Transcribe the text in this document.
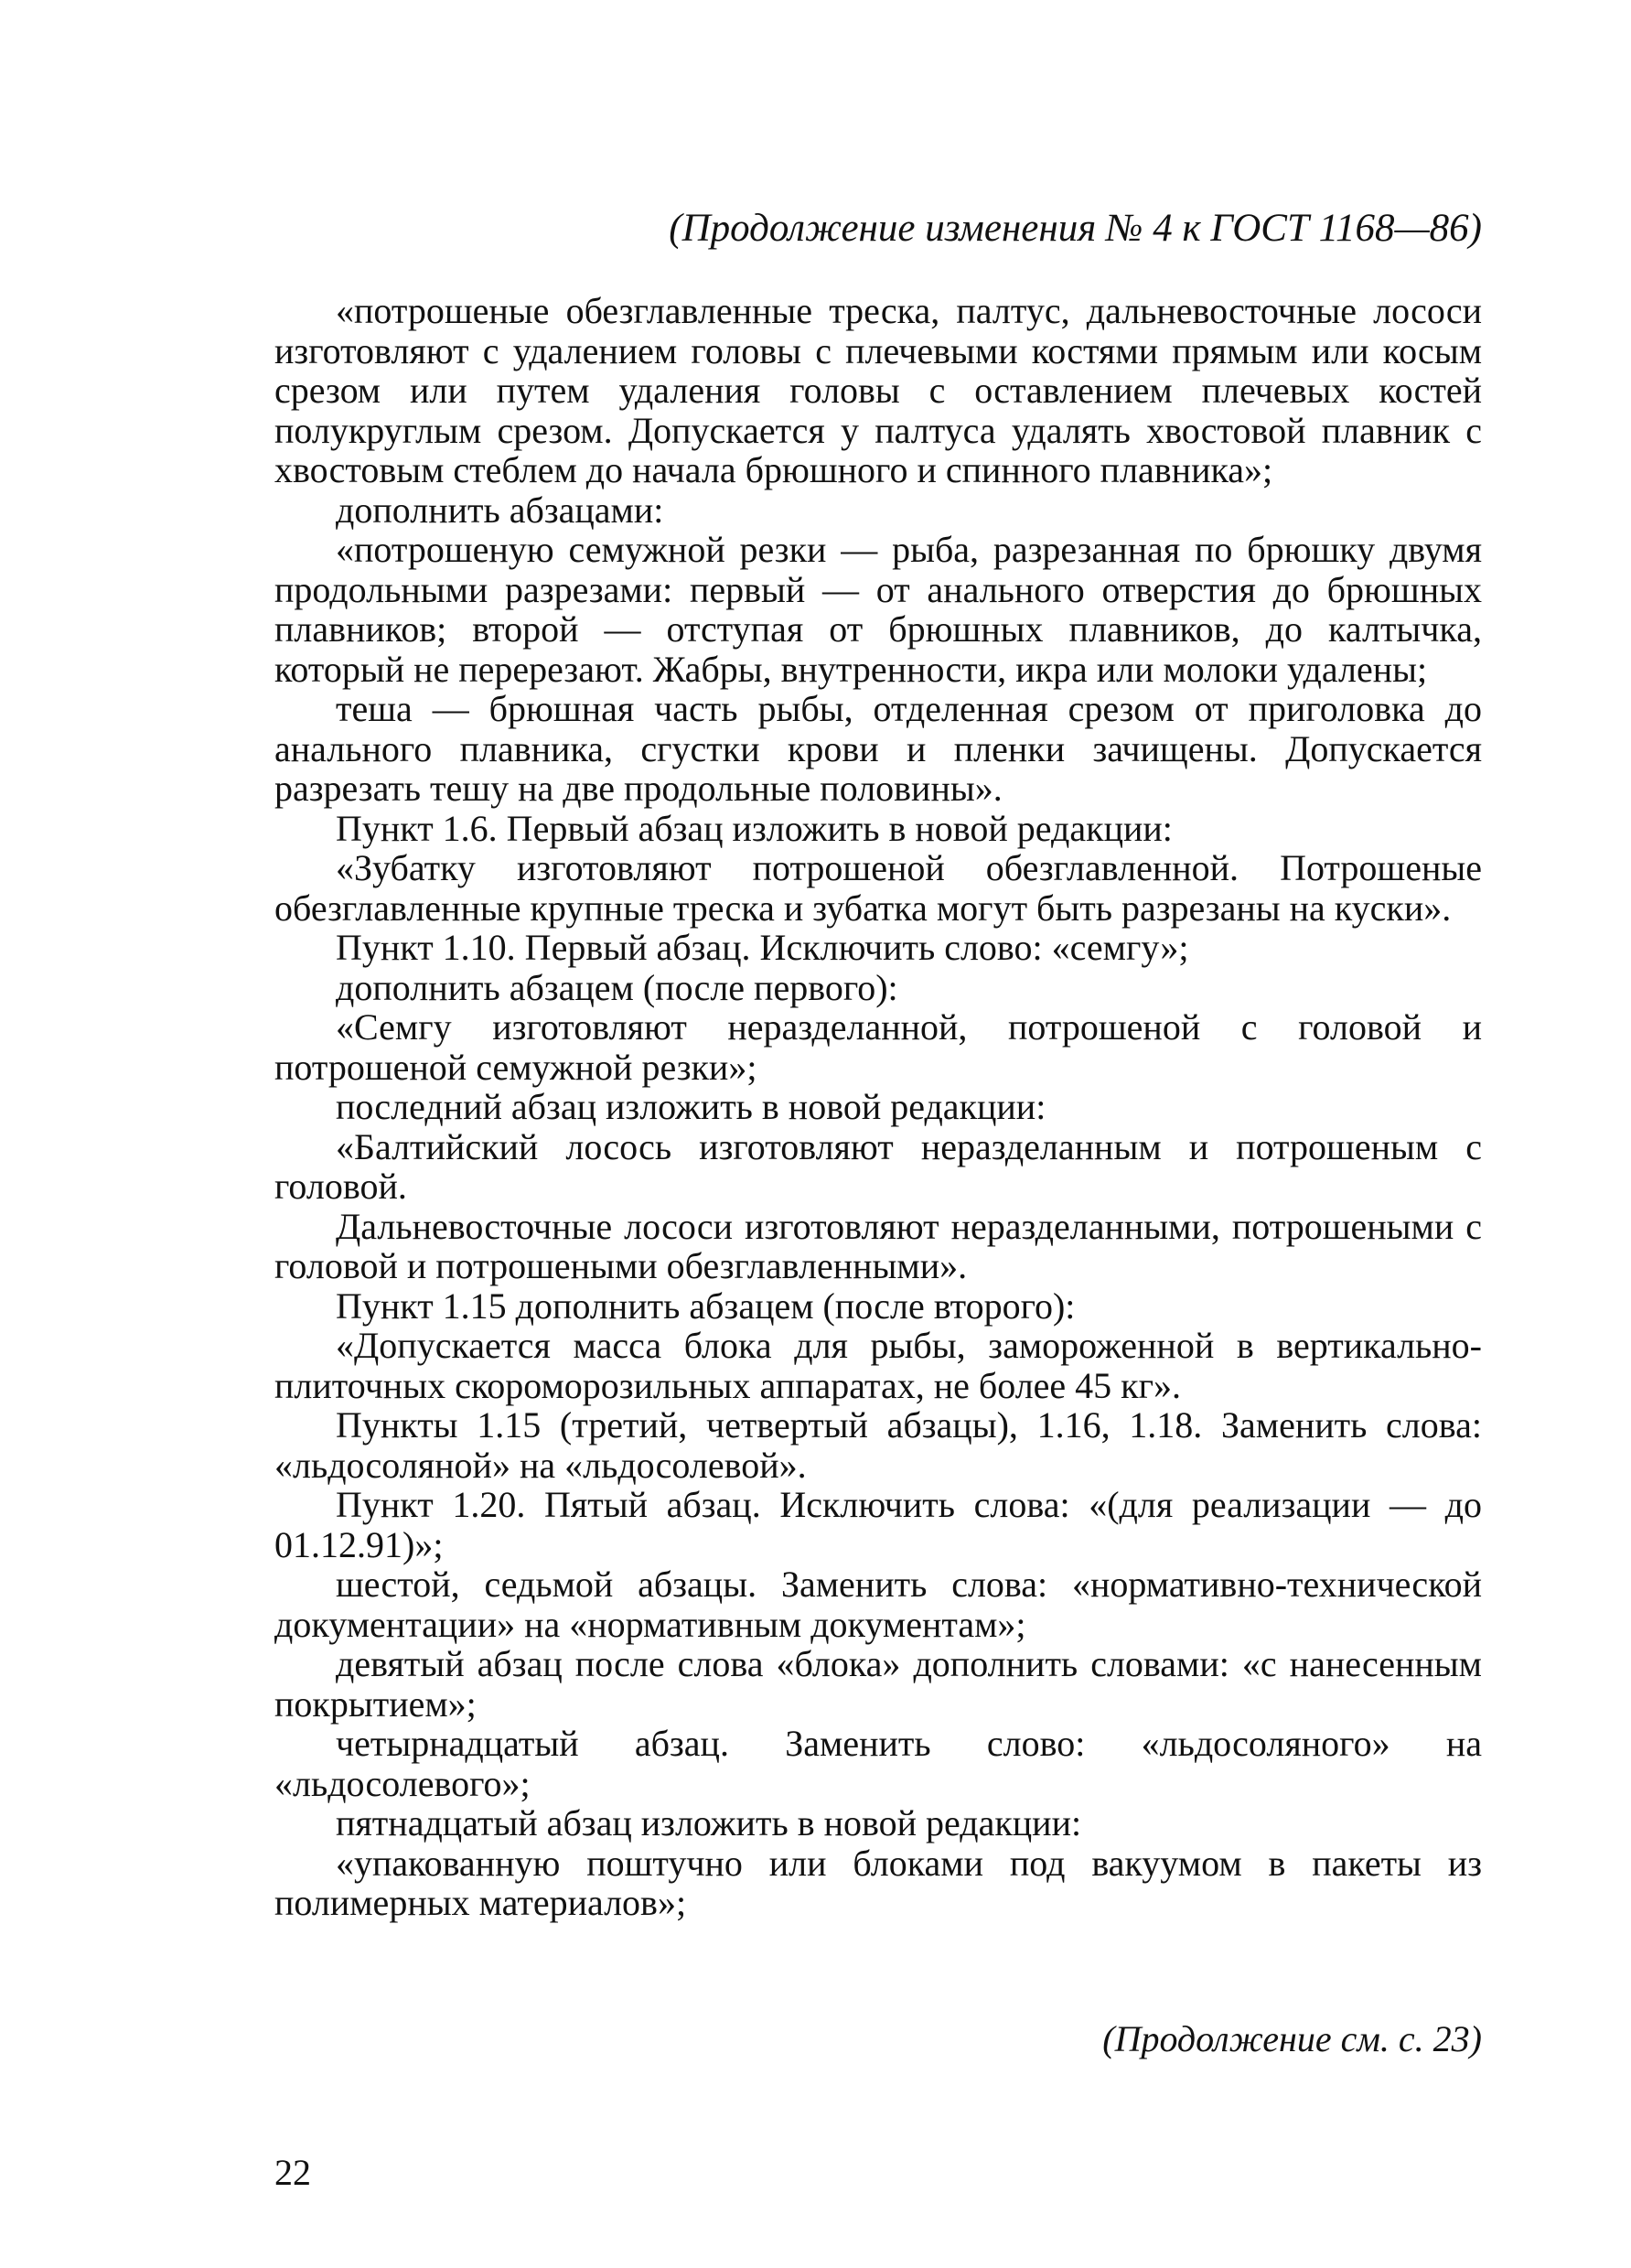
(Продолжение изменения № 4 к ГОСТ 1168—86)

«потрошеные обезглавленные треска, палтус, дальневосточные лососи изготовляют с удалением головы с плечевыми костями прямым или косым срезом или путем удаления головы с оставлением плечевых костей полукруглым срезом. Допускается у палтуса удалять хвостовой плавник с хвостовым стеблем до начала брюшного и спинного плавника»;

дополнить абзацами:

«потрошеную семужной резки — рыба, разрезанная по брюшку двумя продольными разрезами: первый — от анального отверстия до брюшных плавников; второй — отступая от брюшных плавников, до калтычка, который не перерезают. Жабры, внутренности, икра или молоки удалены;

теша — брюшная часть рыбы, отделенная срезом от приголовка до анального плавника, сгустки крови и пленки зачищены. Допускается разрезать тешу на две продольные половины».

Пункт 1.6. Первый абзац изложить в новой редакции:

«Зубатку изготовляют потрошеной обезглавленной. Потрошеные обезглавленные крупные треска и зубатка могут быть разрезаны на куски».

Пункт 1.10. Первый абзац. Исключить слово: «семгу»;

дополнить абзацем (после первого):

«Семгу изготовляют неразделанной, потрошеной с головой и потрошеной семужной резки»;

последний абзац изложить в новой редакции:

«Балтийский лосось изготовляют неразделанным и потрошеным с головой.

Дальневосточные лососи изготовляют неразделанными, потрошеными с головой и потрошеными обезглавленными».

Пункт 1.15 дополнить абзацем (после второго):

«Допускается масса блока для рыбы, замороженной в вертикально-плиточных скороморозильных аппаратах, не более 45 кг».

Пункты 1.15 (третий, четвертый абзацы), 1.16, 1.18. Заменить слова: «льдосоляной» на «льдосолевой».

Пункт 1.20. Пятый абзац. Исключить слова: «(для реализации — до 01.12.91)»;

шестой, седьмой абзацы. Заменить слова: «нормативно-технической документации» на «нормативным документам»;

девятый абзац после слова «блока» дополнить словами: «с нанесенным покрытием»;

четырнадцатый абзац. Заменить слово: «льдосоляного» на «льдосолевого»;

пятнадцатый абзац изложить в новой редакции:

«упакованную поштучно или блоками под вакуумом в пакеты из полимерных материалов»;

(Продолжение см. с. 23)
22
